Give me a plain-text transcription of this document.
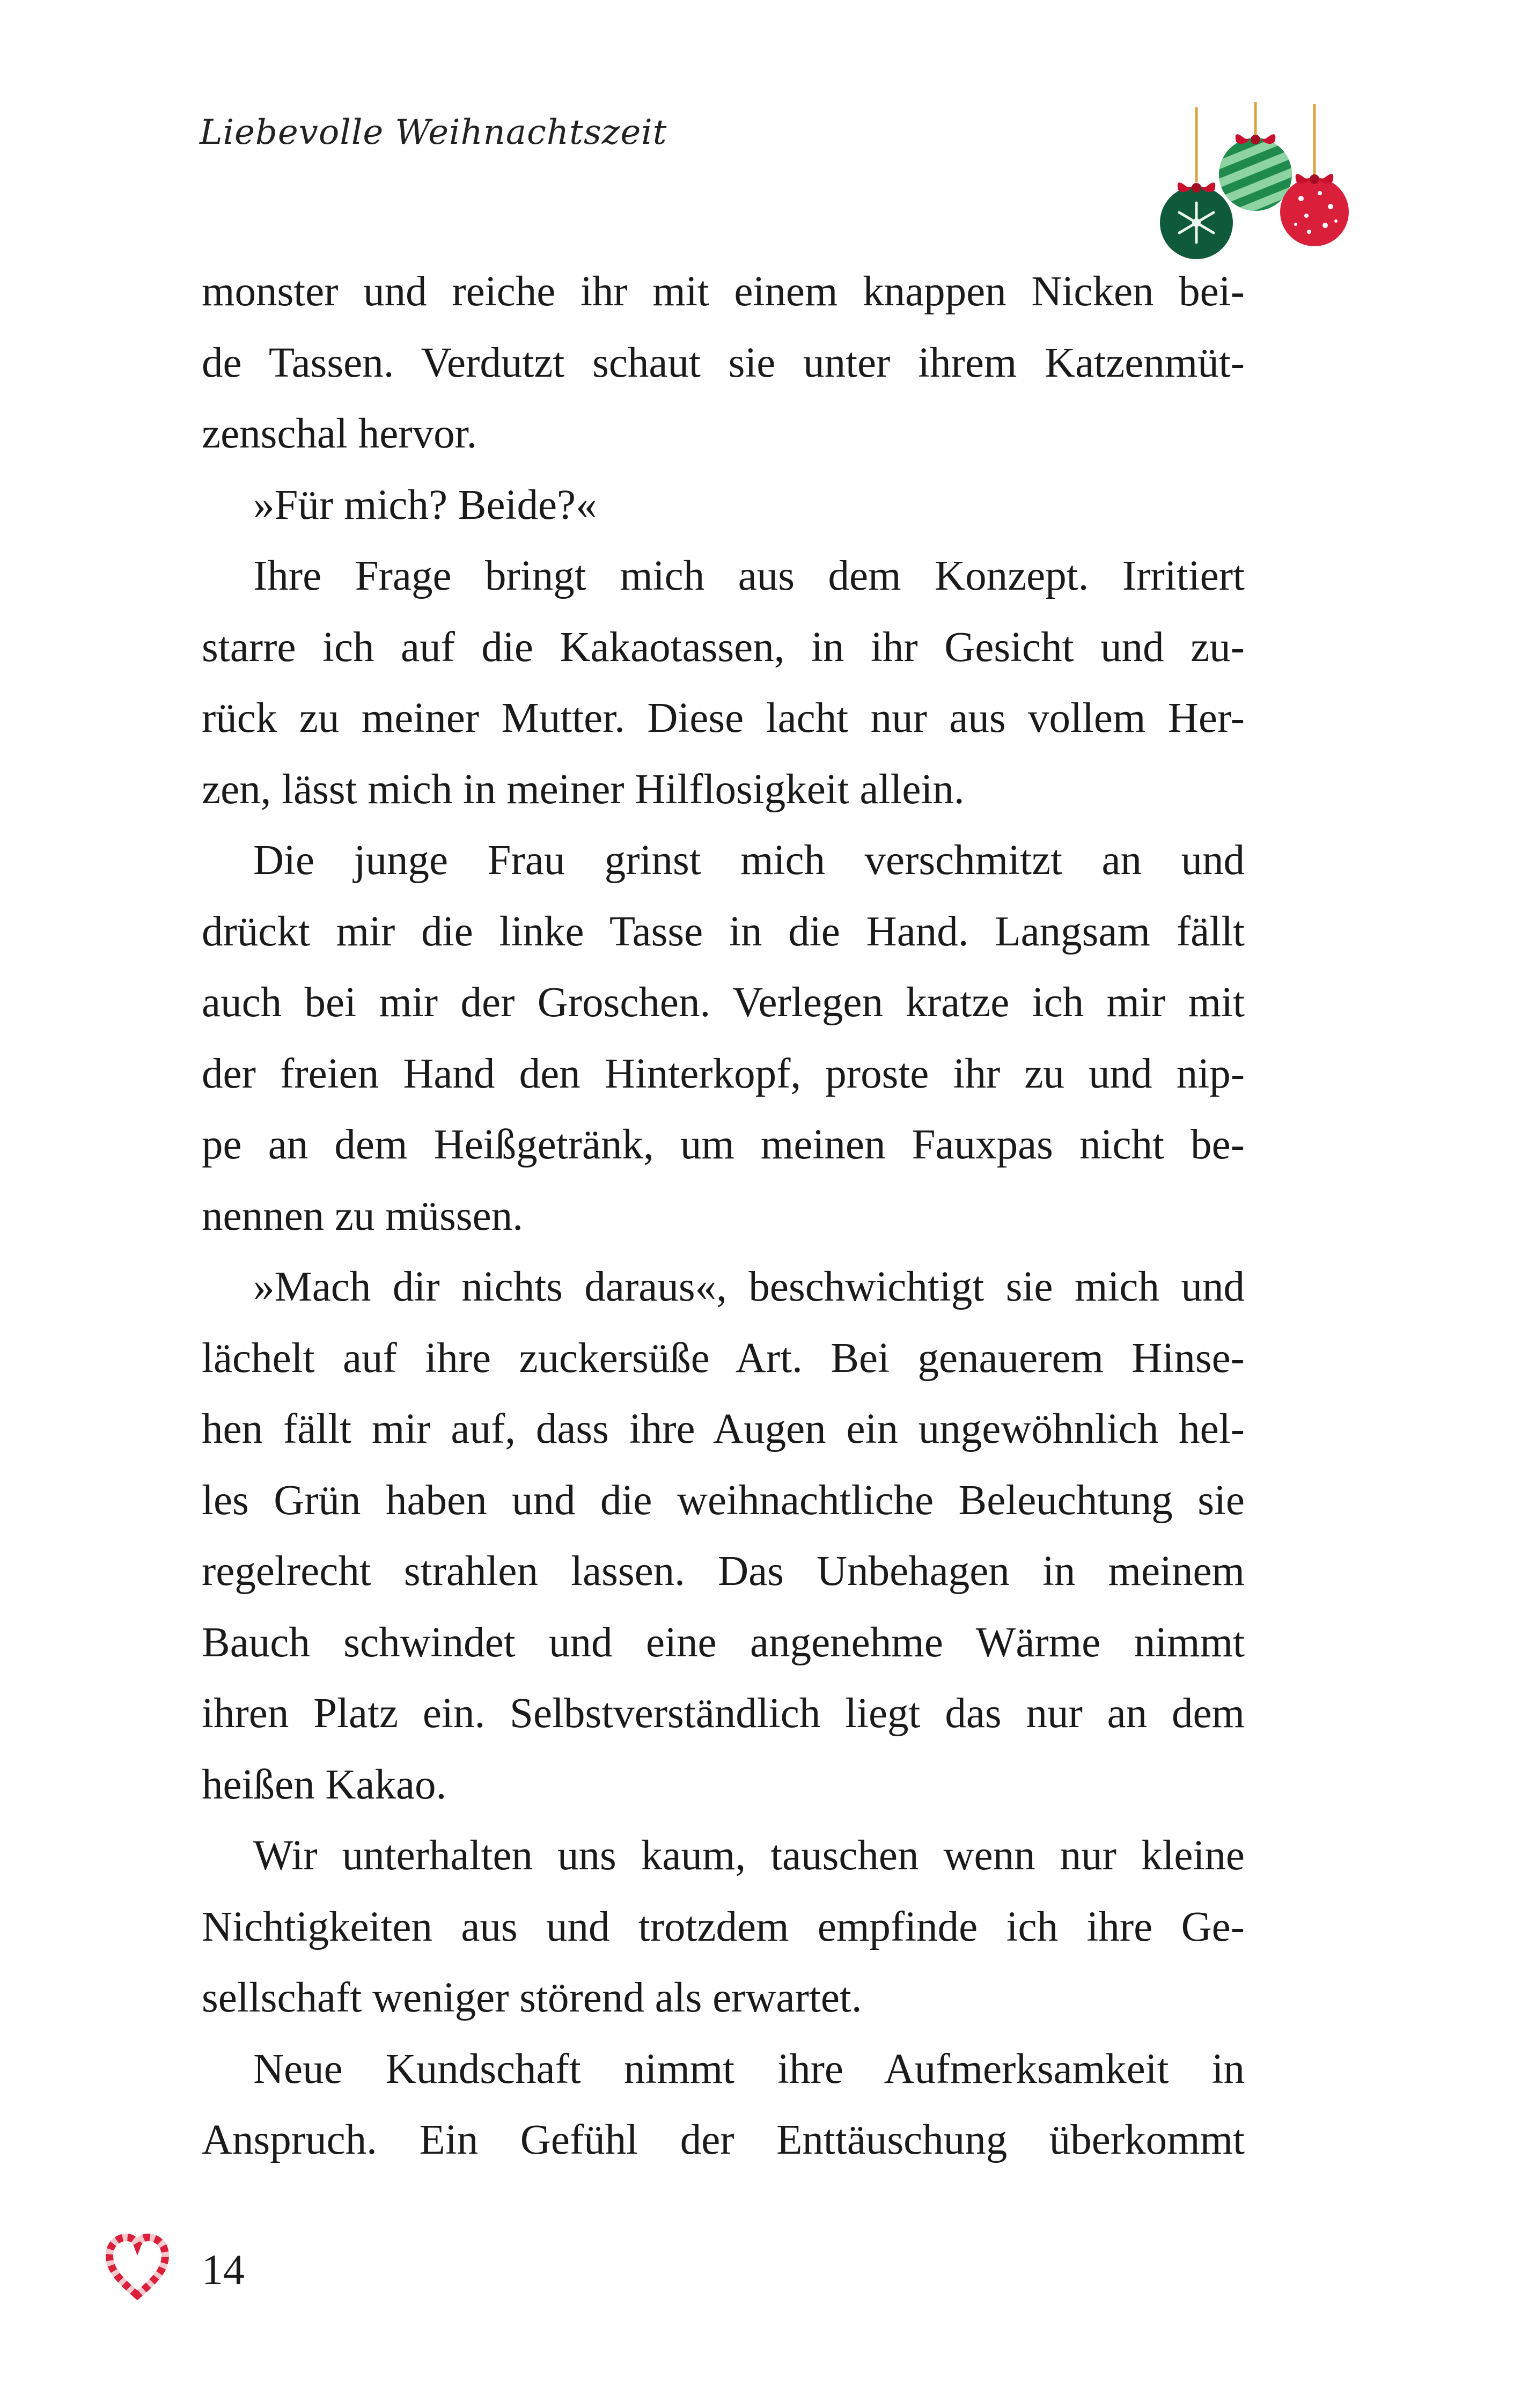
Liebevolle Weihnachtszeit
monster und reiche ihr mit einem knappen Nicken bei-
de Tassen. Verdutzt schaut sie unter ihrem Katzenmüt-
zenschal hervor.
»Für mich? Beide?«
Ihre Frage bringt mich aus dem Konzept. Irritiert
starre ich auf die Kakaotassen, in ihr Gesicht und zu-
rück zu meiner Mutter. Diese lacht nur aus vollem Her-
zen, lässt mich in meiner Hilflosigkeit allein.
Die junge Frau grinst mich verschmitzt an und
drückt mir die linke Tasse in die Hand. Langsam fällt
auch bei mir der Groschen. Verlegen kratze ich mir mit
der freien Hand den Hinterkopf, proste ihr zu und nip-
pe an dem Heißgetränk, um meinen Fauxpas nicht be-
nennen zu müssen.
»Mach dir nichts daraus«, beschwichtigt sie mich und
lächelt auf ihre zuckersüße Art. Bei genauerem Hinse-
hen fällt mir auf, dass ihre Augen ein ungewöhnlich hel-
les Grün haben und die weihnachtliche Beleuchtung sie
regelrecht strahlen lassen. Das Unbehagen in meinem
Bauch schwindet und eine angenehme Wärme nimmt
ihren Platz ein. Selbstverständlich liegt das nur an dem
heißen Kakao.
Wir unterhalten uns kaum, tauschen wenn nur kleine
Nichtigkeiten aus und trotzdem empfinde ich ihre Ge-
sellschaft weniger störend als erwartet.
Neue Kundschaft nimmt ihre Aufmerksamkeit in
Anspruch. Ein Gefühl der Enttäuschung überkommt
14
